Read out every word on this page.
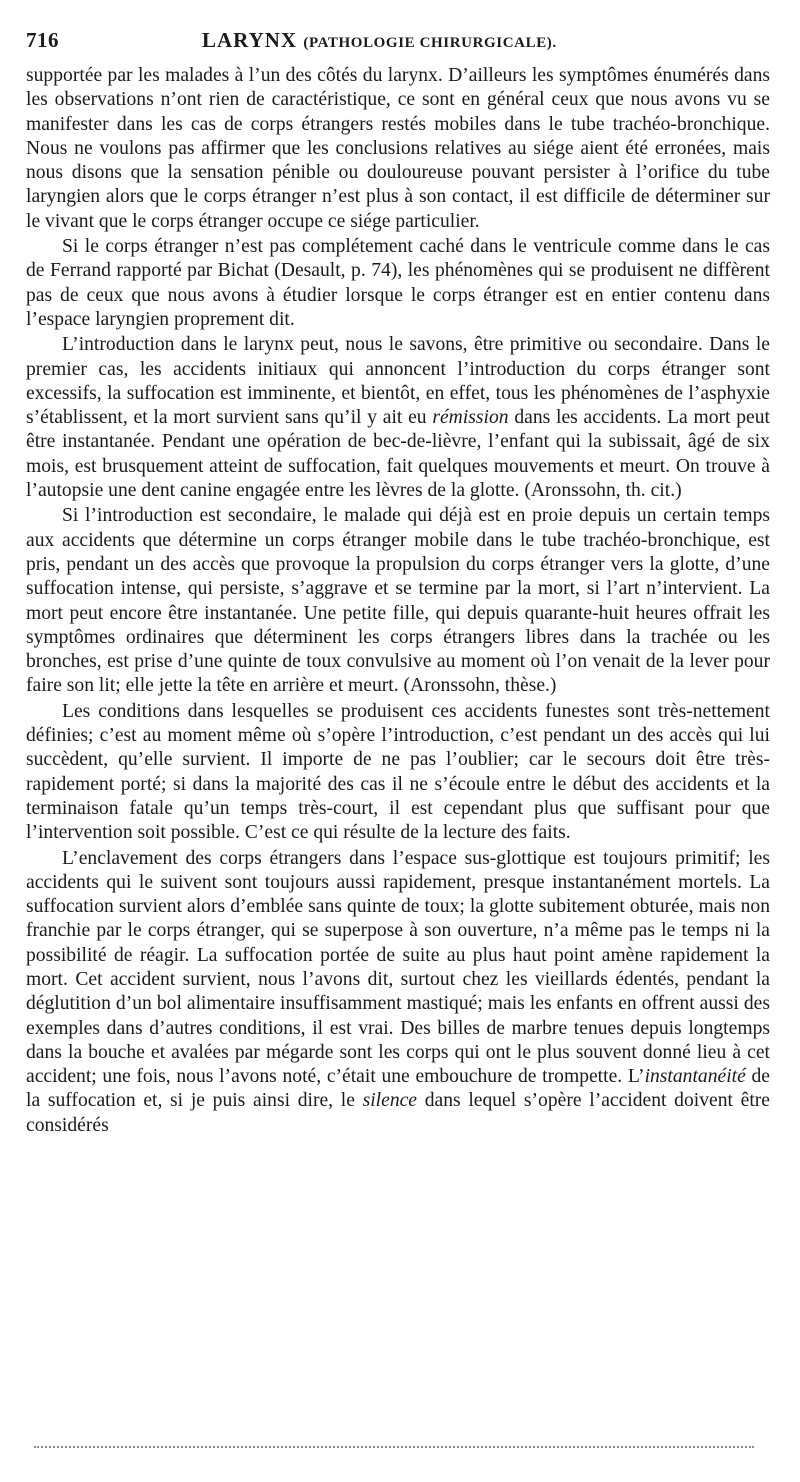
716	LARYNX (PATHOLOGIE CHIRURGICALE).

supportée par les malades à l’un des côtés du larynx. D’ailleurs les symptômes énumérés dans les observations n’ont rien de caractéristique, ce sont en général ceux que nous avons vu se manifester dans les cas de corps étrangers restés mobiles dans le tube trachéo-bronchique. Nous ne voulons pas affirmer que les conclusions relatives au siége aient été erronées, mais nous disons que la sensation pénible ou douloureuse pouvant persister à l’orifice du tube laryngien alors que le corps étranger n’est plus à son contact, il est difficile de déterminer sur le vivant que le corps étranger occupe ce siége particulier.

Si le corps étranger n’est pas complétement caché dans le ventricule comme dans le cas de Ferrand rapporté par Bichat (Desault, p. 74), les phénomènes qui se produisent ne diffèrent pas de ceux que nous avons à étudier lorsque le corps étranger est en entier contenu dans l’espace laryngien proprement dit.

L’introduction dans le larynx peut, nous le savons, être primitive ou secondaire. Dans le premier cas, les accidents initiaux qui annoncent l’introduction du corps étranger sont excessifs, la suffocation est imminente, et bientôt, en effet, tous les phénomènes de l’asphyxie s’établissent, et la mort survient sans qu’il y ait eu rémission dans les accidents. La mort peut être instantanée. Pendant une opération de bec-de-lièvre, l’enfant qui la subissait, âgé de six mois, est brusquement atteint de suffocation, fait quelques mouvements et meurt. On trouve à l’autopsie une dent canine engagée entre les lèvres de la glotte. (Aronssohn, th. cit.)

Si l’introduction est secondaire, le malade qui déjà est en proie depuis un certain temps aux accidents que détermine un corps étranger mobile dans le tube trachéo-bronchique, est pris, pendant un des accès que provoque la propulsion du corps étranger vers la glotte, d’une suffocation intense, qui persiste, s’aggrave et se termine par la mort, si l’art n’intervient. La mort peut encore être instantanée. Une petite fille, qui depuis quarante-huit heures offrait les symptômes ordinaires que déterminent les corps étrangers libres dans la trachée ou les bronches, est prise d’une quinte de toux convulsive au moment où l’on venait de la lever pour faire son lit; elle jette la tête en arrière et meurt. (Aronssohn, thèse.)

Les conditions dans lesquelles se produisent ces accidents funestes sont très-nettement définies; c’est au moment même où s’opère l’introduction, c’est pendant un des accès qui lui succèdent, qu’elle survient. Il importe de ne pas l’oublier; car le secours doit être très-rapidement porté; si dans la majorité des cas il ne s’écoule entre le début des accidents et la terminaison fatale qu’un temps très-court, il est cependant plus que suffisant pour que l’intervention soit possible. C’est ce qui résulte de la lecture des faits.

L’enclavement des corps étrangers dans l’espace sus-glottique est toujours primitif; les accidents qui le suivent sont toujours aussi rapidement, presque instantanément mortels. La suffocation survient alors d’emblée sans quinte de toux; la glotte subitement obturée, mais non franchie par le corps étranger, qui se superpose à son ouverture, n’a même pas le temps ni la possibilité de réagir. La suffocation portée de suite au plus haut point amène rapidement la mort. Cet accident survient, nous l’avons dit, surtout chez les vieillards édentés, pendant la déglutition d’un bol alimentaire insuffisamment mastiqué; mais les enfants en offrent aussi des exemples dans d’autres conditions, il est vrai. Des billes de marbre tenues depuis longtemps dans la bouche et avalées par mégarde sont les corps qui ont le plus souvent donné lieu à cet accident; une fois, nous l’avons noté, c’était une embouchure de trompette. L’instantanéité de la suffocation et, si je puis ainsi dire, le silence dans lequel s’opère l’accident doivent être considérés
